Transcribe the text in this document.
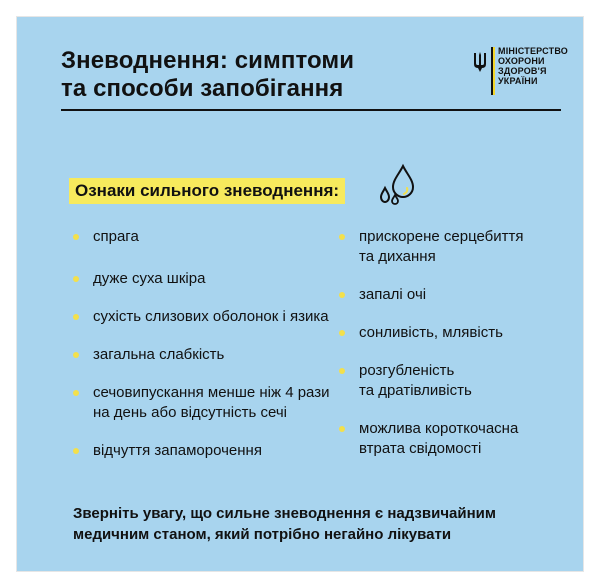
Зневоднення: симптоми
та способи запобігання
МІНІСТЕРСТВО
ОХОРОНИ
ЗДОРОВ'Я
УКРАЇНИ
Ознаки сильного зневоднення:
спрага
дуже суха шкіра
сухість слизових оболонок і язика
загальна слабкість
сечовипускання менше ніж 4 рази
на день або відсутність сечі
відчуття запаморочення
прискорене серцебиття
та дихання
запалі очі
сонливість, млявість
розгубленість
та дратівливість
можлива короткочасна
втрата свідомості
Зверніть увагу, що сильне зневоднення є надзвичайним медичним станом, який потрібно негайно лікувати
